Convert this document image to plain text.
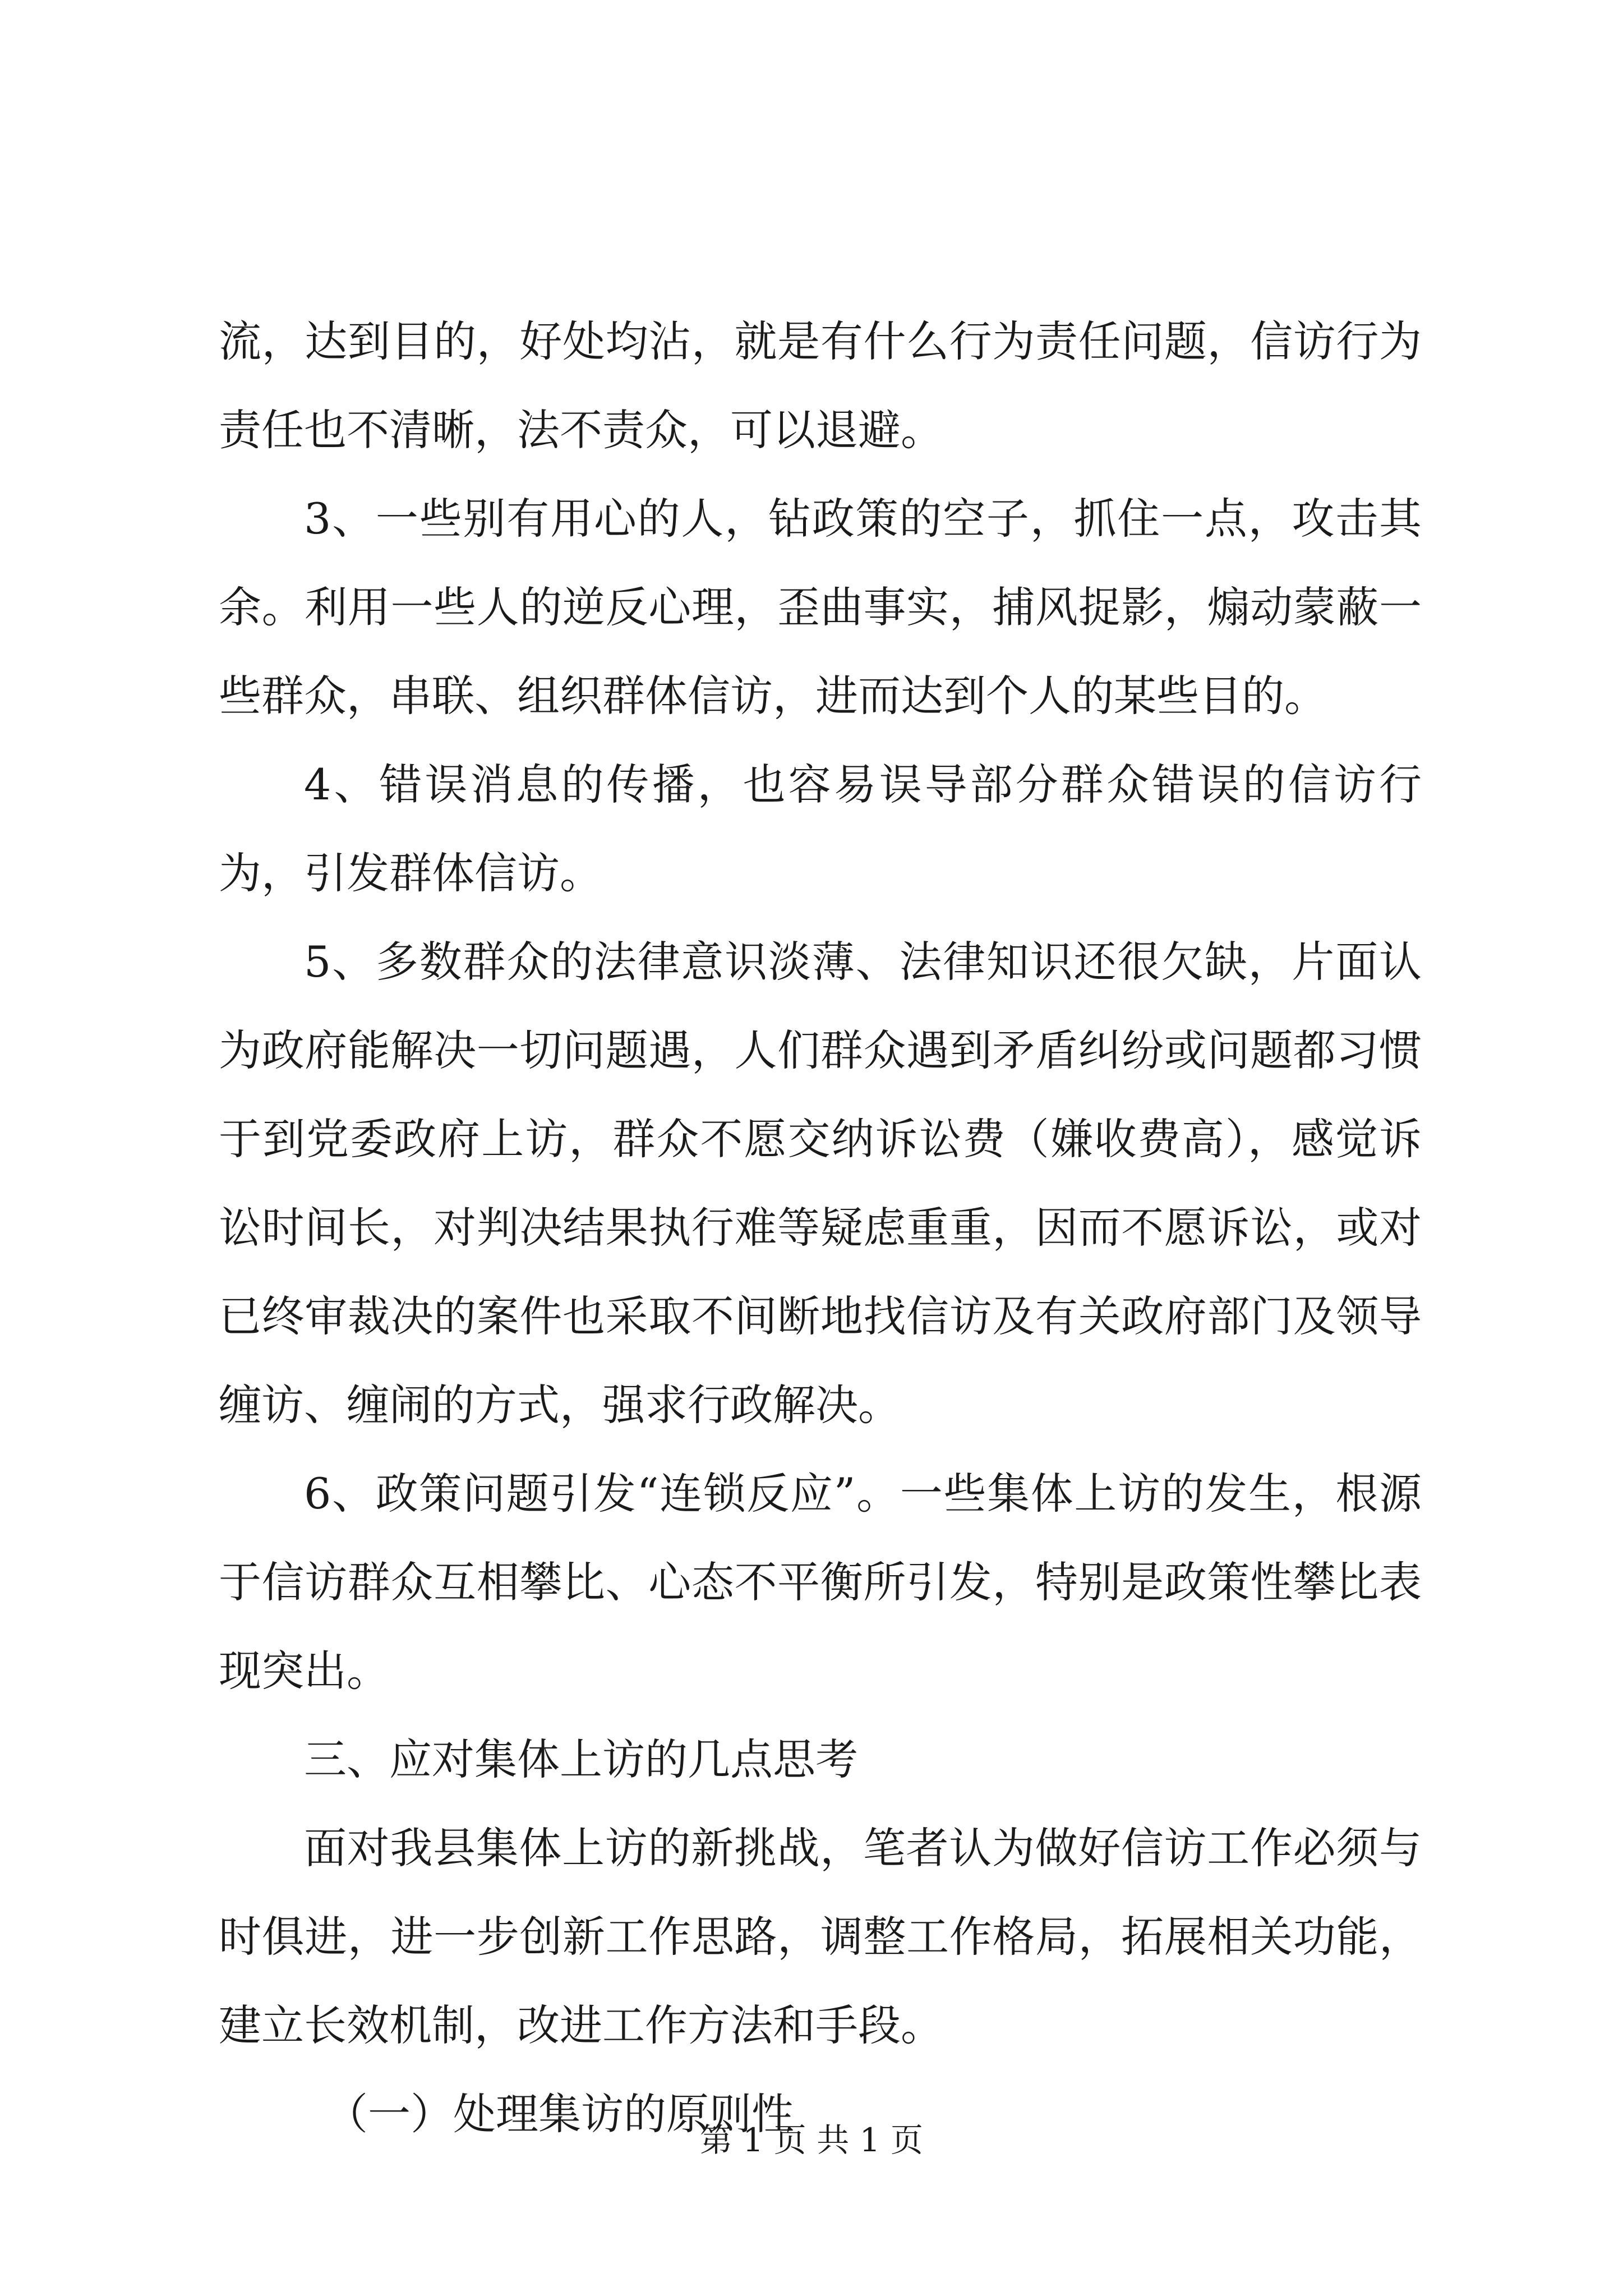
流，达到目的，好处均沾，就是有什么行为责任问题，信访行为责任也不清晰，法不责众，可以退避。

3、一些别有用心的人，钻政策的空子，抓住一点，攻击其余。利用一些人的逆反心理，歪曲事实，捕风捉影，煽动蒙蔽一些群众，串联、组织群体信访，进而达到个人的某些目的。

4、错误消息的传播，也容易误导部分群众错误的信访行为，引发群体信访。

5、多数群众的法律意识淡薄、法律知识还很欠缺，片面认为政府能解决一切问题遇，人们群众遇到矛盾纠纷或问题都习惯于到党委政府上访，群众不愿交纳诉讼费（嫌收费高），感觉诉讼时间长，对判决结果执行难等疑虑重重，因而不愿诉讼，或对已终审裁决的案件也采取不间断地找信访及有关政府部门及领导缠访、缠闹的方式，强求行政解决。

6、政策问题引发“连锁反应”。一些集体上访的发生，根源于信访群众互相攀比、心态不平衡所引发，特别是政策性攀比表现突出。

三、应对集体上访的几点思考

面对我县集体上访的新挑战，笔者认为做好信访工作必须与时俱进，进一步创新工作思路，调整工作格局，拓展相关功能，建立长效机制，改进工作方法和手段。

（一）处理集访的原则性

第 1 页 共 1 页
